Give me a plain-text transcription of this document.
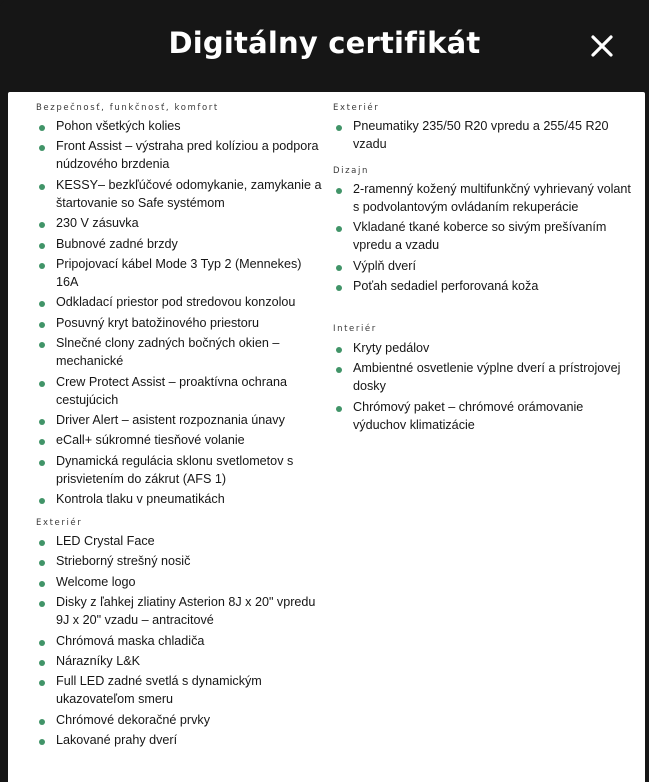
Digitálny certifikát
Bezpečnosť, funkčnosť, komfort
Pohon všetkých kolies
Front Assist – výstraha pred kolíziou a podpora núdzového brzdenia
KESSY– bezkľúčové odomykanie, zamykanie a štartovanie so Safe systémom
230 V zásuvka
Bubnové zadné brzdy
Pripojovací kábel Mode 3 Typ 2 (Mennekes) 16A
Odkladací priestor pod stredovou konzolou
Posuvný kryt batožinového priestoru
Slnečné clony zadných bočných okien – mechanické
Crew Protect Assist – proaktívna ochrana cestujúcich
Driver Alert – asistent rozpoznania únavy
eCall+ súkromné tiesňové volanie
Dynamická regulácia sklonu svetlometov s prisvietením do zákrut (AFS 1)
Kontrola tlaku v pneumatikách
Exteriér
LED Crystal Face
Strieborný strešný nosič
Welcome logo
Disky z ľahkej zliatiny Asterion 8J x 20" vpredu 9J x 20" vzadu – antracitové
Chrómová maska chladiča
Nárazníky L&K
Full LED zadné svetlá s dynamickým ukazovateľom smeru
Chrómové dekoračné prvky
Lakované prahy dverí
Exteriér
Pneumatiky 235/50 R20 vpredu a 255/45 R20 vzadu
Dizajn
2-ramenný kožený multifunkčný vyhrievaný volant s podvolantovým ovládaním rekuperácie
Vkladané tkané koberce so sivým prešívaním vpredu a vzadu
Výplň dverí
Poťah sedadiel perforovaná koža
Interiér
Kryty pedálov
Ambientné osvetlenie výplne dverí a prístrojovej dosky
Chrómový paket – chrómové orámovanie výduchov klimatizácie
